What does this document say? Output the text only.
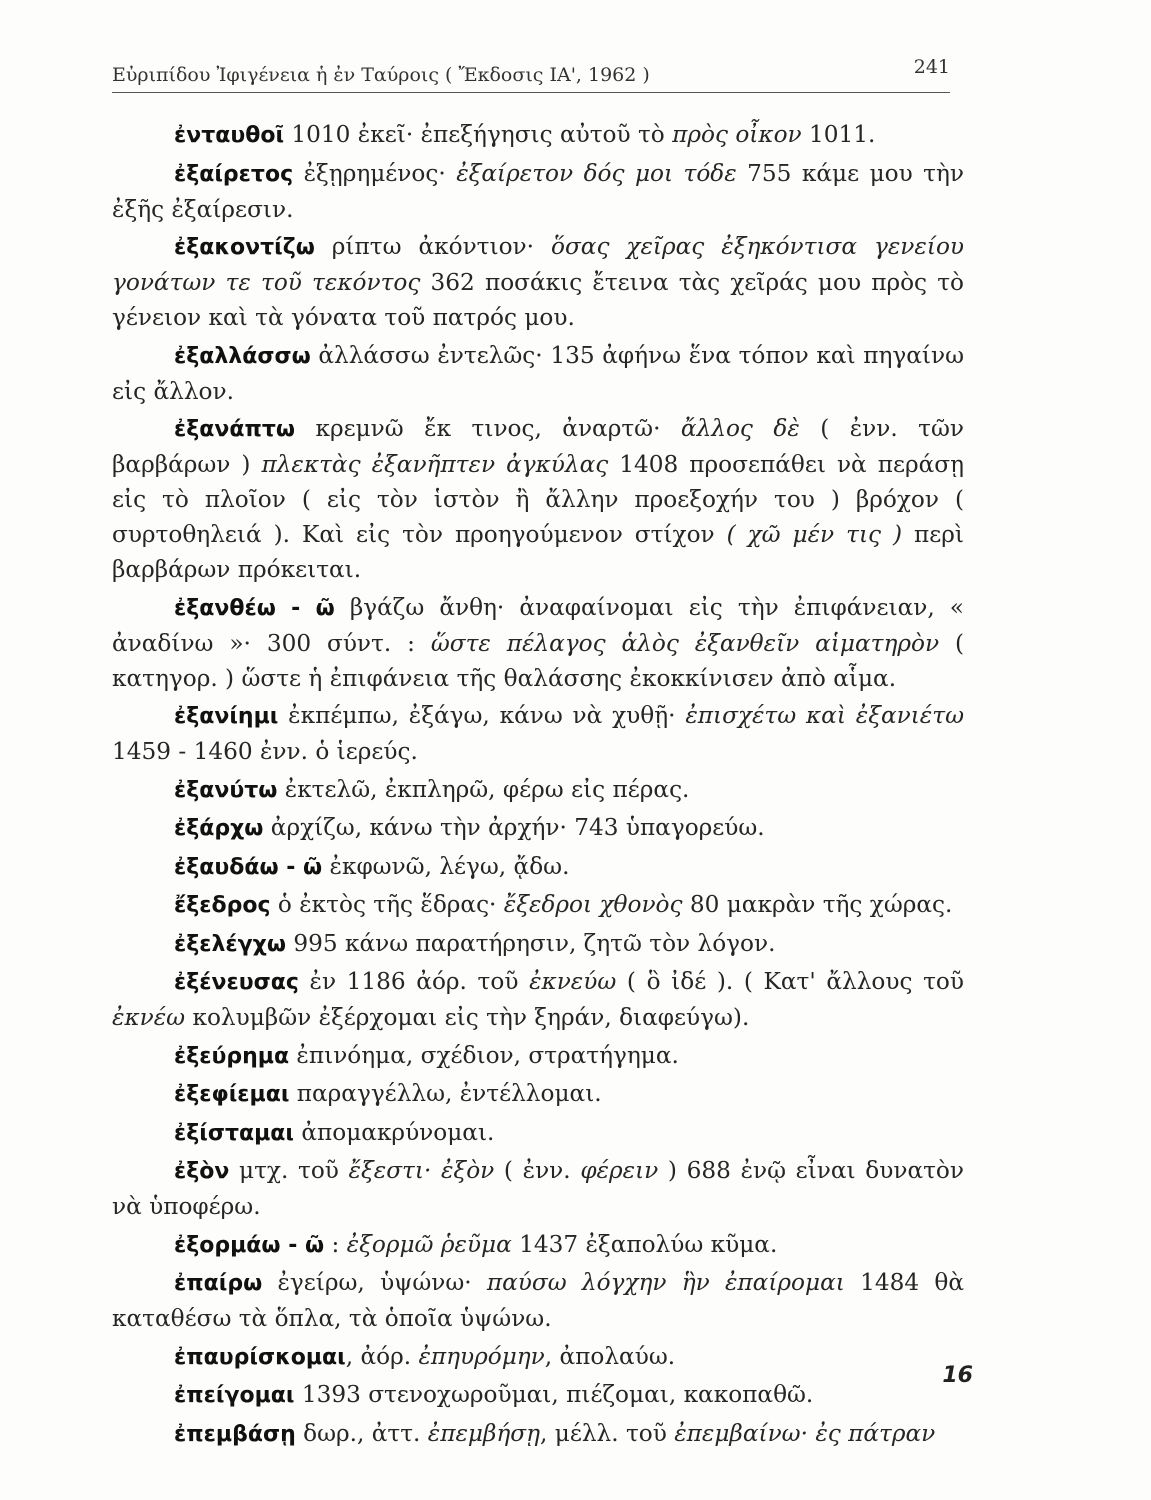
Εὐριπίδου Ἰφιγένεια ἡ ἐν Ταύροις ( Ἔκδοσις ΙΑ', 1962 )	241

ἐνταυθοῖ 1010 ἐκεῖ· ἐπεξήγησις αὐτοῦ τὸ πρὸς οἶκον 1011.

ἐξαίρετος ἐξῃρημένος· ἐξαίρετον δός μοι τόδε 755 κάμε μου τὴν ἐξῆς ἐξαίρεσιν.

ἐξακοντίζω ρίπτω ἀκόντιον· ὅσας χεῖρας ἐξηκόντισα γενείου γονάτων τε τοῦ τεκόντος 362 ποσάκις ἔτεινα τὰς χεῖράς μου πρὸς τὸ γένειον καὶ τὰ γόνατα τοῦ πατρός μου.

ἐξαλλάσσω ἀλλάσσω ἐντελῶς· 135 ἀφήνω ἕνα τόπον καὶ πηγαίνω εἰς ἄλλον.

ἐξανάπτω κρεμνῶ ἔκ τινος, ἀναρτῶ· ἄλλος δὲ ( ἐνν. τῶν βαρβάρων ) πλεκτὰς ἐξανῆπτεν ἀγκύλας 1408 προσεπάθει νὰ περάσῃ εἰς τὸ πλοῖον ( εἰς τὸν ἱστὸν ἢ ἄλλην προεξοχήν του ) βρόχον ( συρτοθηλειά ). Καὶ εἰς τὸν προηγούμενον στίχον ( χῶ μέν τις ) περὶ βαρβάρων πρόκειται.

ἐξανθέω - ῶ βγάζω ἄνθη· ἀναφαίνομαι εἰς τὴν ἐπιφάνειαν, « ἀναδίνω »· 300 σύντ. : ὥστε πέλαγος ἁλὸς ἐξανθεῖν αἱματηρὸν ( κατηγορ. ) ὥστε ἡ ἐπιφάνεια τῆς θαλάσσης ἐκοκκίνισεν ἀπὸ αἷμα.

ἐξανίημι ἐκπέμπω, ἐξάγω, κάνω νὰ χυθῇ· ἐπισχέτω καὶ ἐξανιέτω 1459 - 1460 ἐνν. ὁ ἱερεύς.

ἐξανύτω ἐκτελῶ, ἐκπληρῶ, φέρω εἰς πέρας.

ἐξάρχω ἀρχίζω, κάνω τὴν ἀρχήν· 743 ὑπαγορεύω.

ἐξαυδάω - ῶ ἐκφωνῶ, λέγω, ᾄδω.

ἔξεδρος ὁ ἐκτὸς τῆς ἕδρας· ἔξεδροι χθονὸς 80 μακρὰν τῆς χώρας.

ἐξελέγχω 995 κάνω παρατήρησιν, ζητῶ τὸν λόγον.

ἐξένευσας ἐν 1186 ἀόρ. τοῦ ἐκνεύω ( ὃ ἰδέ ). ( Κατ' ἄλλους τοῦ ἐκνέω κολυμβῶν ἐξέρχομαι εἰς τὴν ξηράν, διαφεύγω).

ἐξεύρημα ἐπινόημα, σχέδιον, στρατήγημα.

ἐξεφίεμαι παραγγέλλω, ἐντέλλομαι.

ἐξίσταμαι ἀπομακρύνομαι.

ἐξὸν μτχ. τοῦ ἔξεστι· ἐξὸν ( ἐνν. φέρειν ) 688 ἐνῷ εἶναι δυνατὸν νὰ ὑποφέρω.

ἐξορμάω - ῶ : ἐξορμῶ ῥεῦμα 1437 ἐξαπολύω κῦμα.

ἐπαίρω ἐγείρω, ὑψώνω· παύσω λόγχην ἣν ἐπαίρομαι 1484 θὰ καταθέσω τὰ ὅπλα, τὰ ὁποῖα ὑψώνω.

ἐπαυρίσκομαι, ἀόρ. ἐπηυρόμην, ἀπολαύω.

ἐπείγομαι 1393 στενοχωροῦμαι, πιέζομαι, κακοπαθῶ.

ἐπεμβάσῃ δωρ., ἀττ. ἐπεμβήσῃ, μέλλ. τοῦ ἐπεμβαίνω· ἐς πάτραν

16
